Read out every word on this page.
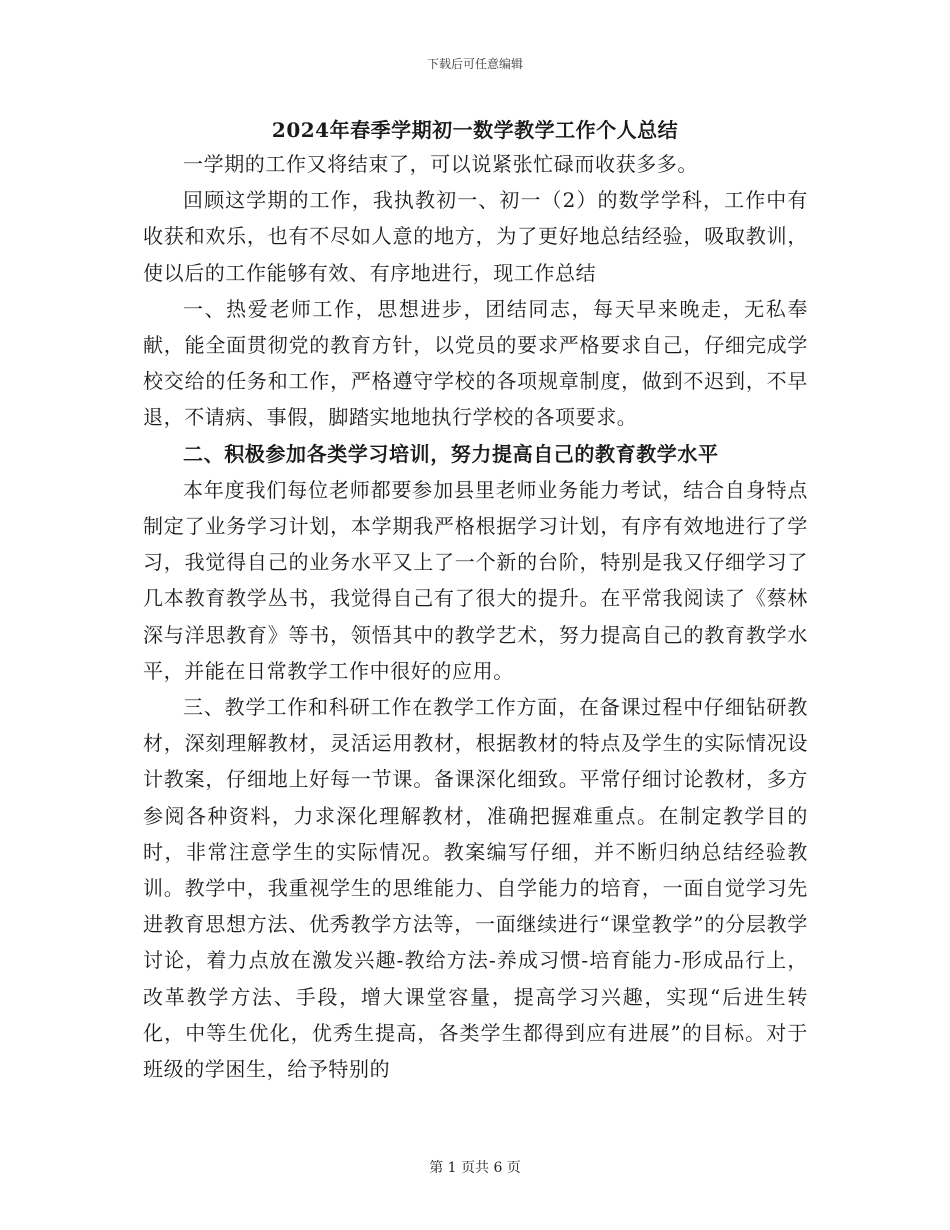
下载后可任意编辑
2024年春季学期初一数学教学工作个人总结

一学期的工作又将结束了，可以说紧张忙碌而收获多多。

回顾这学期的工作，我执教初一、初一（2）的数学学科，工作中有收获和欢乐，也有不尽如人意的地方，为了更好地总结经验，吸取教训，使以后的工作能够有效、有序地进行，现工作总结

一、热爱老师工作，思想进步，团结同志，每天早来晚走，无私奉献，能全面贯彻党的教育方针，以党员的要求严格要求自己，仔细完成学校交给的任务和工作，严格遵守学校的各项规章制度，做到不迟到，不早退，不请病、事假，脚踏实地地执行学校的各项要求。

二、积极参加各类学习培训，努力提高自己的教育教学水平

本年度我们每位老师都要参加县里老师业务能力考试，结合自身特点制定了业务学习计划，本学期我严格根据学习计划，有序有效地进行了学习，我觉得自己的业务水平又上了一个新的台阶，特别是我又仔细学习了几本教育教学丛书，我觉得自己有了很大的提升。在平常我阅读了《蔡林深与洋思教育》等书，领悟其中的教学艺术，努力提高自己的教育教学水平，并能在日常教学工作中很好的应用。

三、教学工作和科研工作在教学工作方面，在备课过程中仔细钻研教材，深刻理解教材，灵活运用教材，根据教材的特点及学生的实际情况设计教案，仔细地上好每一节课。备课深化细致。平常仔细讨论教材，多方参阅各种资料，力求深化理解教材，准确把握难重点。在制定教学目的时，非常注意学生的实际情况。教案编写仔细，并不断归纳总结经验教训。教学中，我重视学生的思维能力、自学能力的培育，一面自觉学习先进教育思想方法、优秀教学方法等，一面继续进行“课堂教学”的分层教学讨论，着力点放在激发兴趣-教给方法-养成习惯-培育能力-形成品行上，改革教学方法、手段，增大课堂容量，提高学习兴趣，实现“后进生转化，中等生优化，优秀生提高，各类学生都得到应有进展”的目标。对于班级的学困生，给予特别的

第 1 页共 6 页
